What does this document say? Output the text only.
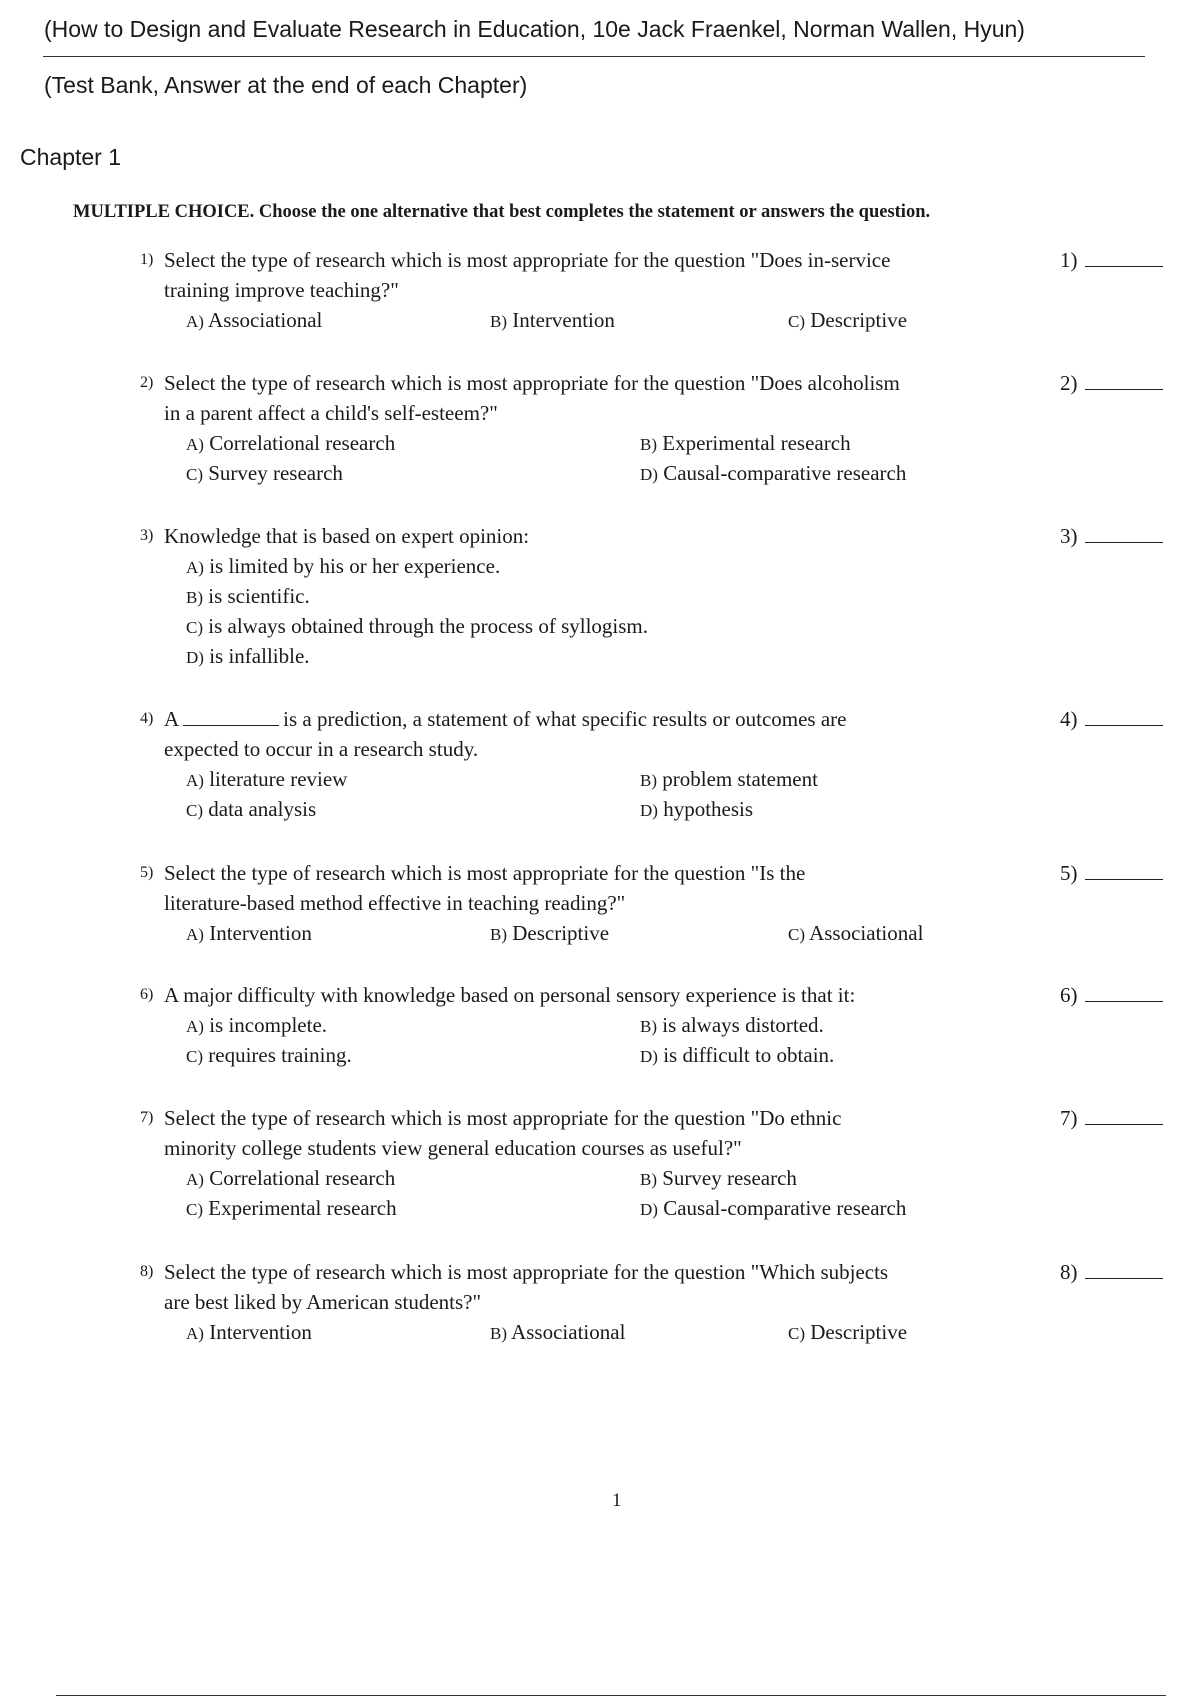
(How to Design and Evaluate Research in Education, 10e Jack Fraenkel, Norman Wallen, Hyun)
(Test Bank, Answer at the end of each Chapter)
Chapter 1
MULTIPLE CHOICE. Choose the one alternative that best completes the statement or answers the question.
1) Select the type of research which is most appropriate for the question "Does in-service
training improve teaching?"
1)
A) Associational	B) Intervention	C) Descriptive
2) Select the type of research which is most appropriate for the question "Does alcoholism
in a parent affect a child's self-esteem?"
2)
A) Correlational research	B) Experimental research
C) Survey research	D) Causal-comparative research
3) Knowledge that is based on expert opinion:	3)
A) is limited by his or her experience.
B) is scientific.
C) is always obtained through the process of syllogism.
D) is infallible.
4) A	is a prediction, a statement of what specific results or outcomes are
expected to occur in a research study.
4)
A) literature review	B) problem statement
C) data analysis	D) hypothesis
5) Select the type of research which is most appropriate for the question "Is the
literature-based method effective in teaching reading?"
5)
A) Intervention	B) Descriptive	C) Associational
6) A major difficulty with knowledge based on personal sensory experience is that it:	6)
A) is incomplete.	B) is always distorted.
C) requires training.	D) is difficult to obtain.
7) Select the type of research which is most appropriate for the question "Do ethnic
minority college students view general education courses as useful?"
7)
A) Correlational research	B) Survey research
C) Experimental research	D) Causal-comparative research
8) Select the type of research which is most appropriate for the question "Which subjects
are best liked by American students?"
8)
A) Intervention	B) Associational	C) Descriptive
1
